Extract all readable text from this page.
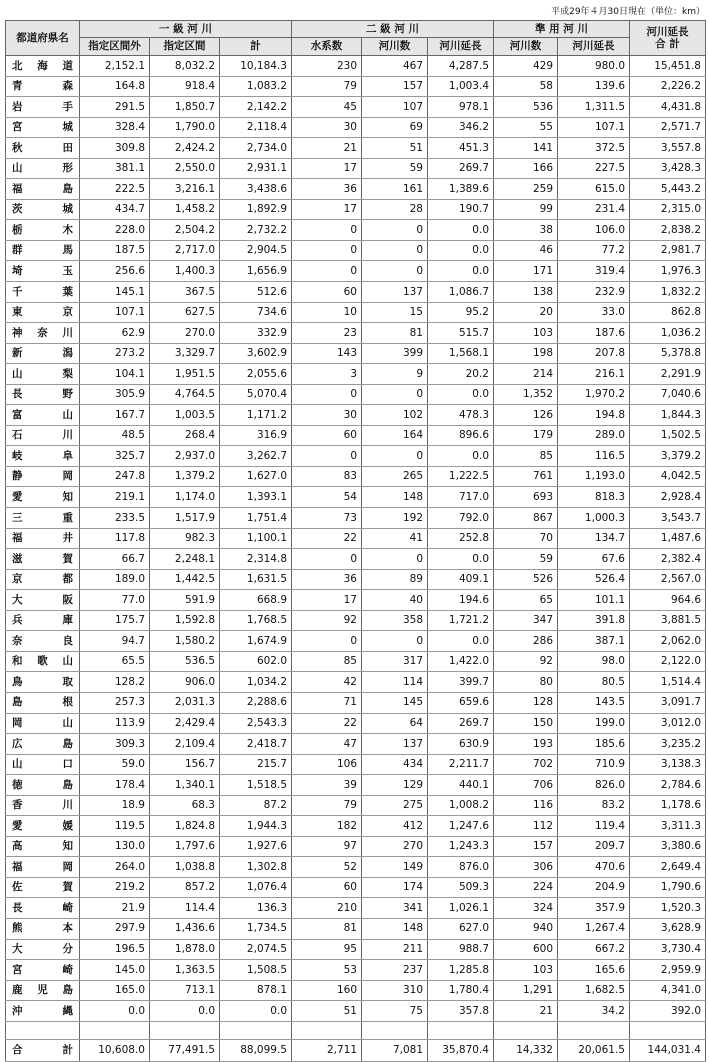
平成29年４月30日現在（単位：km）
都道府県名	一 級 河 川			二 級 河 川			準 用 河 川		河川延長
合 計
	指定区間外	指定区間	計	水系数	河川数	河川延長	河川数	河川延長	
北海道	2,152.1	8,032.2	10,184.3	230	467	4,287.5	429	980.0	15,451.8
青森	164.8	918.4	1,083.2	79	157	1,003.4	58	139.6	2,226.2
岩手	291.5	1,850.7	2,142.2	45	107	978.1	536	1,311.5	4,431.8
宮城	328.4	1,790.0	2,118.4	30	69	346.2	55	107.1	2,571.7
秋田	309.8	2,424.2	2,734.0	21	51	451.3	141	372.5	3,557.8
山形	381.1	2,550.0	2,931.1	17	59	269.7	166	227.5	3,428.3
福島	222.5	3,216.1	3,438.6	36	161	1,389.6	259	615.0	5,443.2
茨城	434.7	1,458.2	1,892.9	17	28	190.7	99	231.4	2,315.0
栃木	228.0	2,504.2	2,732.2	0	0	0.0	38	106.0	2,838.2
群馬	187.5	2,717.0	2,904.5	0	0	0.0	46	77.2	2,981.7
埼玉	256.6	1,400.3	1,656.9	0	0	0.0	171	319.4	1,976.3
千葉	145.1	367.5	512.6	60	137	1,086.7	138	232.9	1,832.2
東京	107.1	627.5	734.6	10	15	95.2	20	33.0	862.8
神奈川	62.9	270.0	332.9	23	81	515.7	103	187.6	1,036.2
新潟	273.2	3,329.7	3,602.9	143	399	1,568.1	198	207.8	5,378.8
山梨	104.1	1,951.5	2,055.6	3	9	20.2	214	216.1	2,291.9
長野	305.9	4,764.5	5,070.4	0	0	0.0	1,352	1,970.2	7,040.6
富山	167.7	1,003.5	1,171.2	30	102	478.3	126	194.8	1,844.3
石川	48.5	268.4	316.9	60	164	896.6	179	289.0	1,502.5
岐阜	325.7	2,937.0	3,262.7	0	0	0.0	85	116.5	3,379.2
静岡	247.8	1,379.2	1,627.0	83	265	1,222.5	761	1,193.0	4,042.5
愛知	219.1	1,174.0	1,393.1	54	148	717.0	693	818.3	2,928.4
三重	233.5	1,517.9	1,751.4	73	192	792.0	867	1,000.3	3,543.7
福井	117.8	982.3	1,100.1	22	41	252.8	70	134.7	1,487.6
滋賀	66.7	2,248.1	2,314.8	0	0	0.0	59	67.6	2,382.4
京都	189.0	1,442.5	1,631.5	36	89	409.1	526	526.4	2,567.0
大阪	77.0	591.9	668.9	17	40	194.6	65	101.1	964.6
兵庫	175.7	1,592.8	1,768.5	92	358	1,721.2	347	391.8	3,881.5
奈良	94.7	1,580.2	1,674.9	0	0	0.0	286	387.1	2,062.0
和歌山	65.5	536.5	602.0	85	317	1,422.0	92	98.0	2,122.0
鳥取	128.2	906.0	1,034.2	42	114	399.7	80	80.5	1,514.4
島根	257.3	2,031.3	2,288.6	71	145	659.6	128	143.5	3,091.7
岡山	113.9	2,429.4	2,543.3	22	64	269.7	150	199.0	3,012.0
広島	309.3	2,109.4	2,418.7	47	137	630.9	193	185.6	3,235.2
山口	59.0	156.7	215.7	106	434	2,211.7	702	710.9	3,138.3
徳島	178.4	1,340.1	1,518.5	39	129	440.1	706	826.0	2,784.6
香川	18.9	68.3	87.2	79	275	1,008.2	116	83.2	1,178.6
愛媛	119.5	1,824.8	1,944.3	182	412	1,247.6	112	119.4	3,311.3
高知	130.0	1,797.6	1,927.6	97	270	1,243.3	157	209.7	3,380.6
福岡	264.0	1,038.8	1,302.8	52	149	876.0	306	470.6	2,649.4
佐賀	219.2	857.2	1,076.4	60	174	509.3	224	204.9	1,790.6
長崎	21.9	114.4	136.3	210	341	1,026.1	324	357.9	1,520.3
熊本	297.9	1,436.6	1,734.5	81	148	627.0	940	1,267.4	3,628.9
大分	196.5	1,878.0	2,074.5	95	211	988.7	600	667.2	3,730.4
宮崎	145.0	1,363.5	1,508.5	53	237	1,285.8	103	165.6	2,959.9
鹿児島	165.0	713.1	878.1	160	310	1,780.4	1,291	1,682.5	4,341.0
沖縄	0.0	0.0	0.0	51	75	357.8	21	34.2	392.0

合計	10,608.0	77,491.5	88,099.5	2,711	7,081	35,870.4	14,332	20,061.5	144,031.4
